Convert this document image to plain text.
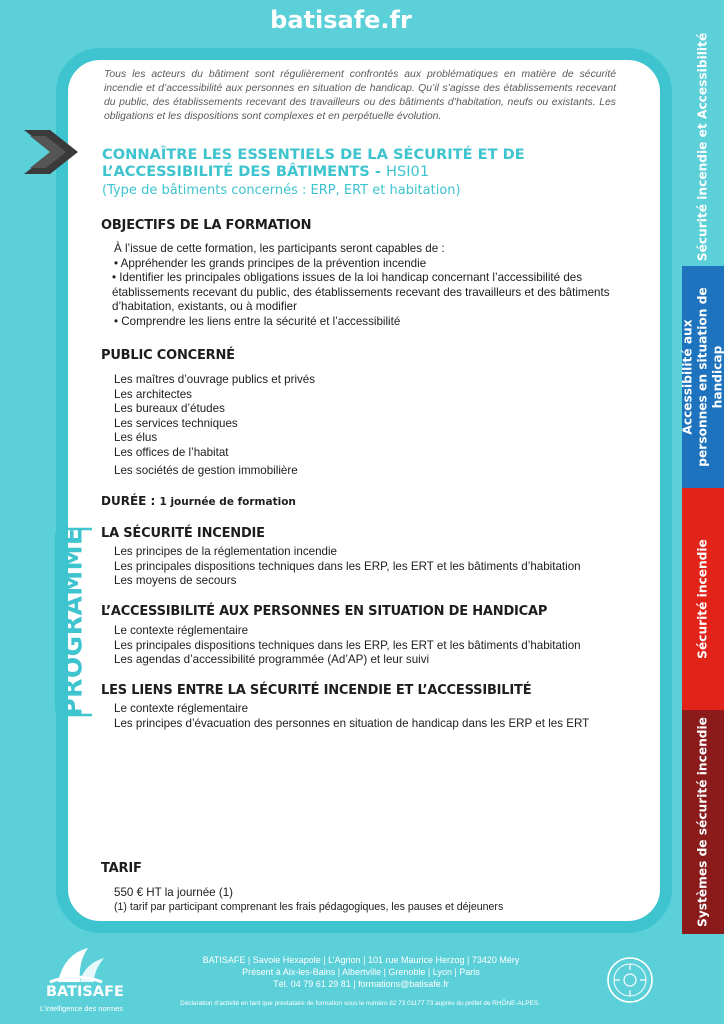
batisafe.fr

Tous les acteurs du bâtiment sont régulièrement confrontés aux problématiques en matière de sécurité incendie et d’accessibilité aux personnes en situation de handicap. Qu’il s’agisse des établissements recevant du public, des établissements recevant des travailleurs ou des bâtiments d’habitation, neufs ou existants. Les obligations et les dispositions sont complexes et en perpétuelle évolution.

CONNAÎTRE LES ESSENTIELS DE LA SÉCURITÉ ET DE L’ACCESSIBILITÉ DES BÂTIMENTS - HSI01
(Type de bâtiments concernés : ERP, ERT et habitation)
OBJECTIFS DE LA FORMATION
À l’issue de cette formation, les participants seront capables de :
• Appréhender les grands principes de la prévention incendie
• Identifier les principales obligations issues de la loi handicap concernant l’accessibilité des établissements recevant du public, des établissements recevant des travailleurs et des bâtiments d’habitation, existants, ou à modifier
• Comprendre les liens entre la sécurité et l’accessibilité
PUBLIC CONCERNÉ
Les maîtres d’ouvrage publics et privés
Les architectes
Les bureaux d’études
Les services techniques
Les élus
Les offices de l’habitat
Les sociétés de gestion immobilière
DURÉE : 1 journée de formation
PROGRAMME LA SÉCURITÉ INCENDIE
Les principes de la réglementation incendie
Les principales dispositions techniques dans les ERP, les ERT et les bâtiments d’habitation
Les moyens de secours
L’ACCESSIBILITÉ AUX PERSONNES EN SITUATION DE HANDICAP
Le contexte réglementaire
Les principales dispositions techniques dans les ERP, les ERT et les bâtiments d’habitation
Les agendas d’accessibilité programmée (Ad’AP) et leur suivi
LES LIENS ENTRE LA SÉCURITÉ INCENDIE ET L’ACCESSIBILITÉ
Le contexte réglementaire
Les principes d’évacuation des personnes en situation de handicap dans les ERP et les ERT
TARIF
550 € HT la journée (1)
(1) tarif par participant comprenant les frais pédagogiques, les pauses et déjeuners
Sécurité incendie et Accessibilité
Accessibilité aux personnes en situation de handicap
Sécurité incendie
Systèmes de sécurité incendie
BATISAFE
L’intelligence des normes
BATISAFE | Savoie Hexapole | L’Agrion | 101 rue Maurice Herzog | 73420 Méry
Présent à Aix-les-Bains | Albertville | Grenoble | Lyon | Paris
Tél. 04 79 61 29 81 | formations@batisafe.fr
Déclaration d’activité en tant que prestataire de formation sous le numéro 82 73 01177 73 auprès du préfet de RHÔNE-ALPES.
